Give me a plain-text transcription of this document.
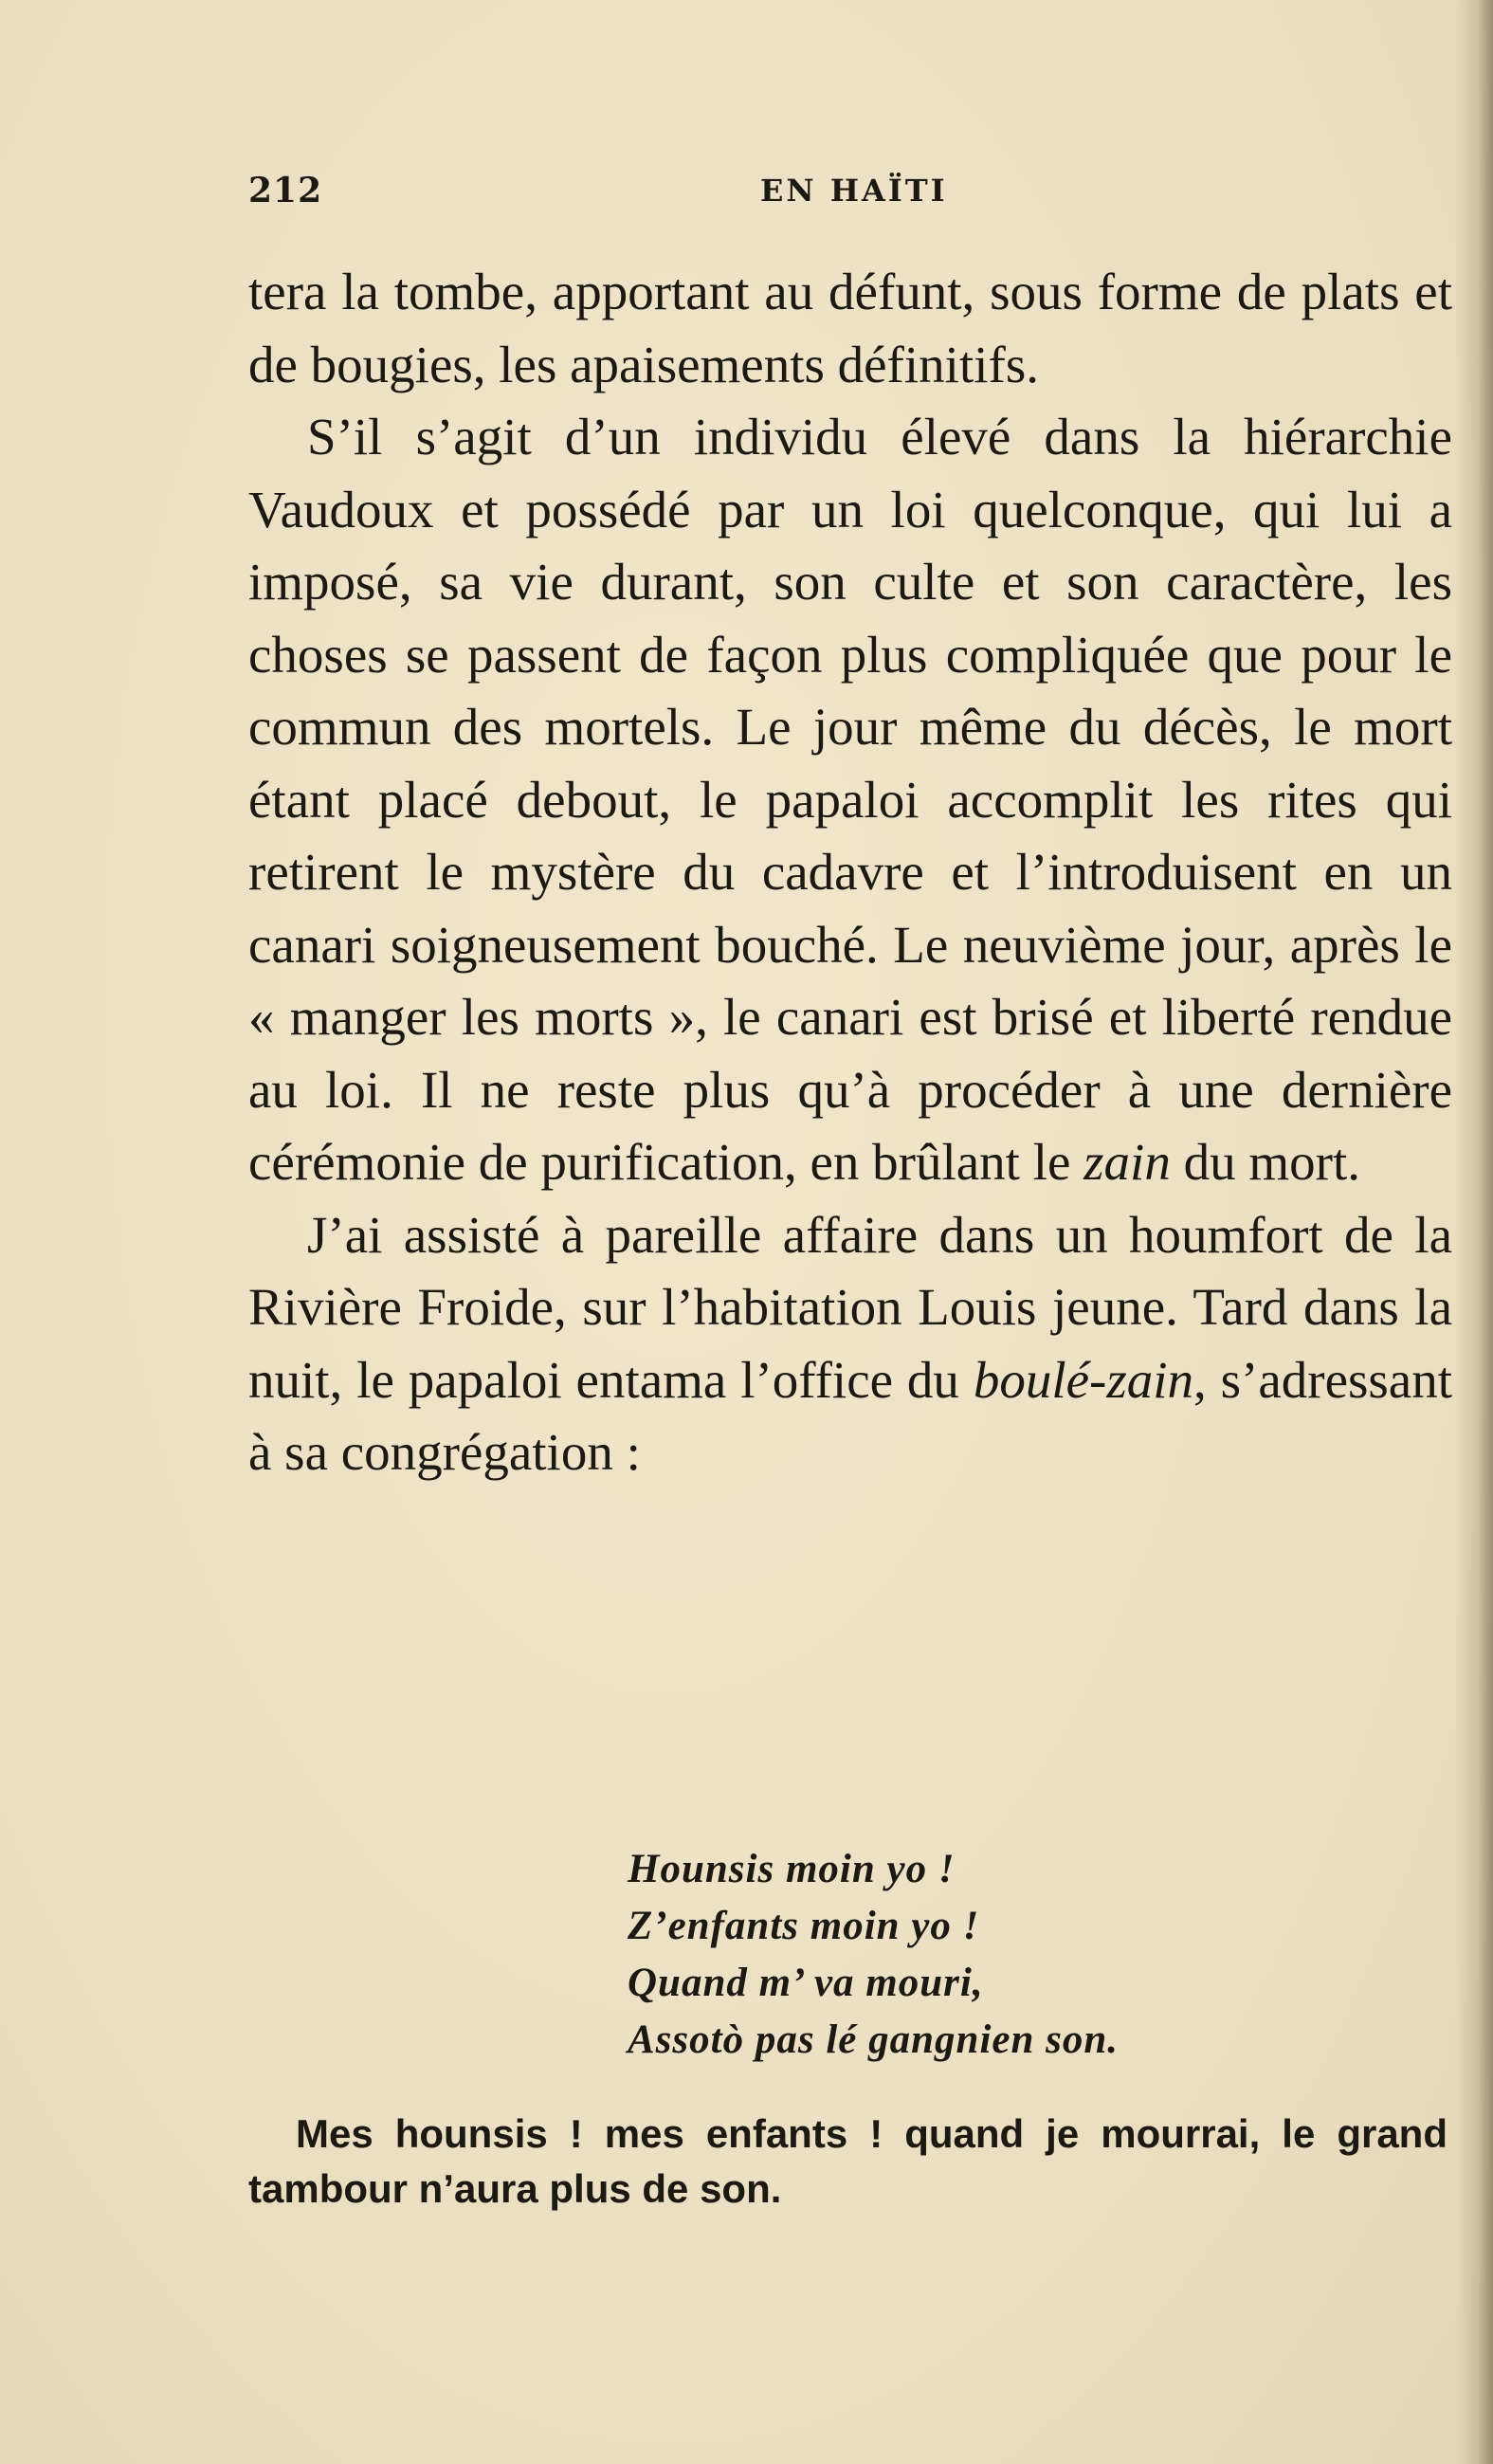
212	EN HAÏTI

tera la tombe, apportant au défunt, sous forme de plats et de bougies, les apaisements définitifs.

S’il s’agit d’un individu élevé dans la hiérarchie Vaudoux et possédé par un loi quelconque, qui lui a imposé, sa vie durant, son culte et son caractère, les choses se passent de façon plus compliquée que pour le commun des mortels. Le jour même du décès, le mort étant placé debout, le papaloi accomplit les rites qui retirent le mystère du cadavre et l’introduisent en un canari soigneusement bouché. Le neuvième jour, après le « manger les morts », le canari est brisé et liberté rendue au loi. Il ne reste plus qu’à procéder à une dernière cérémonie de purification, en brûlant le zain du mort.

J’ai assisté à pareille affaire dans un houmfort de la Rivière Froide, sur l’habitation Louis jeune. Tard dans la nuit, le papaloi entama l’office du boulé-zain, s’adressant à sa congrégation :

Hounsis moin yo !
Z’enfants moin yo !
Quand m’ va mouri,
Assotò pas lé gangnien son.

Mes hounsis ! mes enfants ! quand je mourrai, le grand tambour n’aura plus de son.
